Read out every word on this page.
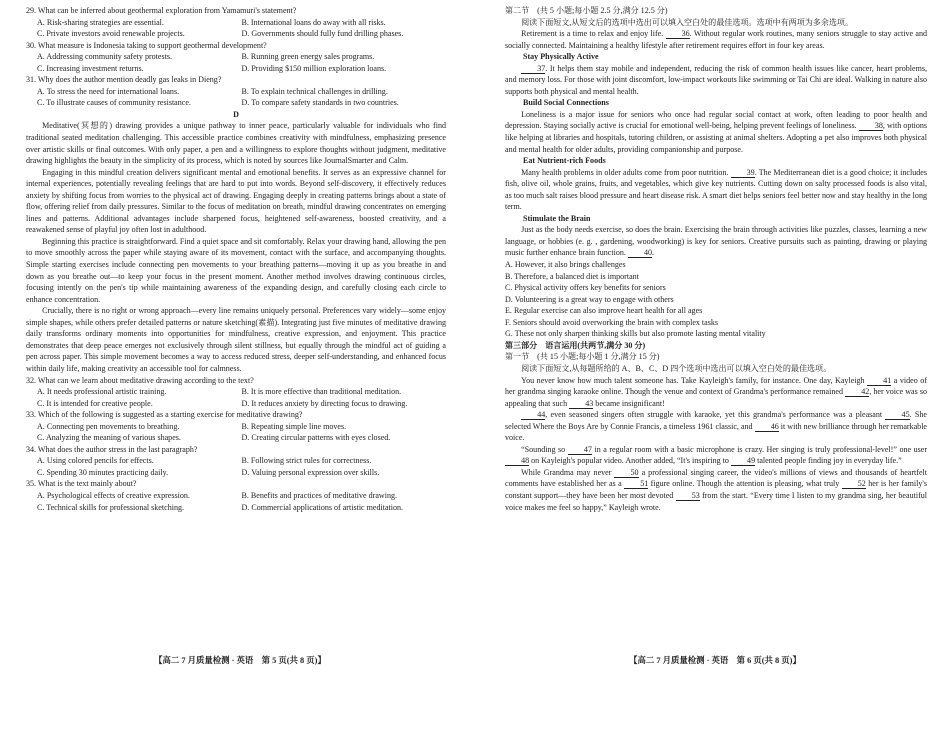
29. What can be inferred about geothermal exploration from Yamamuri's statement?

A. Risk-sharing strategies are essential.	B. International loans do away with all risks.
C. Private investors avoid renewable projects.	D. Governments should fully fund drilling phases.

30. What measure is Indonesia taking to support geothermal development?

A. Addressing community safety protests.	B. Running green energy sales programs.
C. Increasing investment returns.	D. Providing $150 million exploration loans.

31. Why does the author mention deadly gas leaks in Dieng?

A. To stress the need for international loans.	B. To explain technical challenges in drilling.
C. To illustrate causes of community resistance.	D. To compare safety standards in two countries.

D

Meditative(冥想的) drawing provides a unique pathway to inner peace, particularly valuable for individuals who find traditional seated meditation challenging. This accessible practice combines creativity with mindfulness, emphasizing presence over artistic skills or final outcomes. With only paper, a pen and a willingness to explore thoughts without judgment, meditative drawing highlights the beauty in the simplicity of its process, which is noted by sources like JournalSmarter and Calm.

Engaging in this mindful creation delivers significant mental and emotional benefits. It serves as an expressive channel for internal experiences, potentially revealing feelings that are hard to put into words. Beyond self-discovery, it effectively reduces anxiety by shifting focus from worries to the physical act of drawing. Engaging deeply in creating patterns brings about a state of flow, offering relief from daily pressures. Similar to the focus of meditation on breath, mindful drawing concentrates on emerging lines and patterns. Additional advantages include sharpened focus, heightened self-awareness, boosted creativity, and a reawakened sense of playful joy often lost in adulthood.

Beginning this practice is straightforward. Find a quiet space and sit comfortably. Relax your drawing hand, allowing the pen to move smoothly across the paper while staying aware of its movement, contact with the surface, and accompanying thoughts. Simple starting exercises include connecting pen movements to your breathing patterns—moving it up as you breathe in and down as you breathe out—to keep your focus in the present moment. Another method involves drawing continuous circles, focusing intently on the pen's tip while maintaining awareness of the expanding design, and carefully closing each circle to enhance concentration.

Crucially, there is no right or wrong approach—every line remains uniquely personal. Preferences vary widely—some enjoy simple shapes, while others prefer detailed patterns or nature sketching(素描). Integrating just five minutes of meditative drawing daily transforms ordinary moments into opportunities for mindfulness, creative expression, and enjoyment. This practice demonstrates that deep peace emerges not exclusively through silent stillness, but equally through the mindful act of guiding a pen across paper. This simple movement becomes a way to access reduced stress, deeper self-understanding, and enhanced focus within daily life, making creativity an accessible tool for calmness.

32. What can we learn about meditative drawing according to the text?

A. It needs professional artistic training.	B. It is more effective than traditional meditation.
C. It is intended for creative people.	D. It reduces anxiety by directing focus to drawing.

33. Which of the following is suggested as a starting exercise for meditative drawing?

A. Connecting pen movements to breathing.	B. Repeating simple line moves.
C. Analyzing the meaning of various shapes.	D. Creating circular patterns with eyes closed.

34. What does the author stress in the last paragraph?

A. Using colored pencils for effects.	B. Following strict rules for correctness.
C. Spending 30 minutes practicing daily.	D. Valuing personal expression over skills.

35. What is the text mainly about?

A. Psychological effects of creative expression.	B. Benefits and practices of meditative drawing.
C. Technical skills for professional sketching.	D. Commercial applications of artistic meditation.

第二节　(共 5 小题;每小题 2.5 分,满分 12.5 分)

阅读下面短文,从短文后的选项中选出可以填入空白处的最佳选项。选项中有两项为多余选项。

Retirement is a time to relax and enjoy life. 36. Without regular work routines, many seniors struggle to stay active and socially connected. Maintaining a healthy lifestyle after retirement requires effort in four key areas.

Stay Physically Active

37. It helps them stay mobile and independent, reducing the risk of common health issues like cancer, heart problems, and memory loss. For those with joint discomfort, low-impact workouts like swimming or Tai Chi are ideal. Walking in nature also supports both physical and mental health.

Build Social Connections

Loneliness is a major issue for seniors who once had regular social contact at work, often leading to poor health and depression. Staying socially active is crucial for emotional well-being, helping prevent feelings of loneliness. 38, with options like helping at libraries and hospitals, tutoring children, or assisting at animal shelters. Adopting a pet also improves both physical and mental health for older adults, providing companionship and purpose.

Eat Nutrient-rich Foods

Many health problems in older adults come from poor nutrition. 39. The Mediterranean diet is a good choice; it includes fish, olive oil, whole grains, fruits, and vegetables, which give key nutrients. Cutting down on salty processed foods is also vital, as too much salt raises blood pressure and heart disease risk. A smart diet helps seniors feel better now and stay healthy in the long term.

Stimulate the Brain

Just as the body needs exercise, so does the brain. Exercising the brain through activities like puzzles, classes, learning a new language, or hobbies (e. g. , gardening, woodworking) is key for seniors. Creative pursuits such as painting, drawing or playing music further enhance brain function. 40.

A. However, it also brings challenges

B. Therefore, a balanced diet is important

C. Physical activity offers key benefits for seniors

D. Volunteering is a great way to engage with others

E. Regular exercise can also improve heart health for all ages

F. Seniors should avoid overworking the brain with complex tasks

G. These not only sharpen thinking skills but also promote lasting mental vitality

第三部分　语言运用(共两节,满分 30 分)

第一节　(共 15 小题;每小题 1 分,满分 15 分)

阅读下面短文,从每题所给的 A、B、C、D 四个选项中选出可以填入空白处的最佳选项。

You never know how much talent someone has. Take Kayleigh's family, for instance. One day, Kayleigh 41 a video of her grandma singing karaoke online. Though the venue and context of Grandma's performance remained 42, her voice was so appealing that such 43 became insignificant!

44, even seasoned singers often struggle with karaoke, yet this grandma's performance was a pleasant 45. She selected Where the Boys Are by Connie Francis, a timeless 1961 classic, and 46 it with new brilliance through her remarkable voice.

“Sounding so 47 in a regular room with a basic microphone is crazy. Her singing is truly professional-level!” one user 48 on Kayleigh's popular video. Another added, “It's inspiring to 49 talented people finding joy in everyday life.”

While Grandma may never 50 a professional singing career, the video's millions of views and thousands of heartfelt comments have established her as a 51 figure online. Though the attention is pleasing, what truly 52 her is her family's constant support—they have been her most devoted 53 from the start. “Every time I listen to my grandma sing, her beautiful voice makes me feel so happy,” Kayleigh wrote.

【高二 7 月质量检测 · 英语　第 5 页(共 8 页)】	【高二 7 月质量检测 · 英语　第 6 页(共 8 页)】
